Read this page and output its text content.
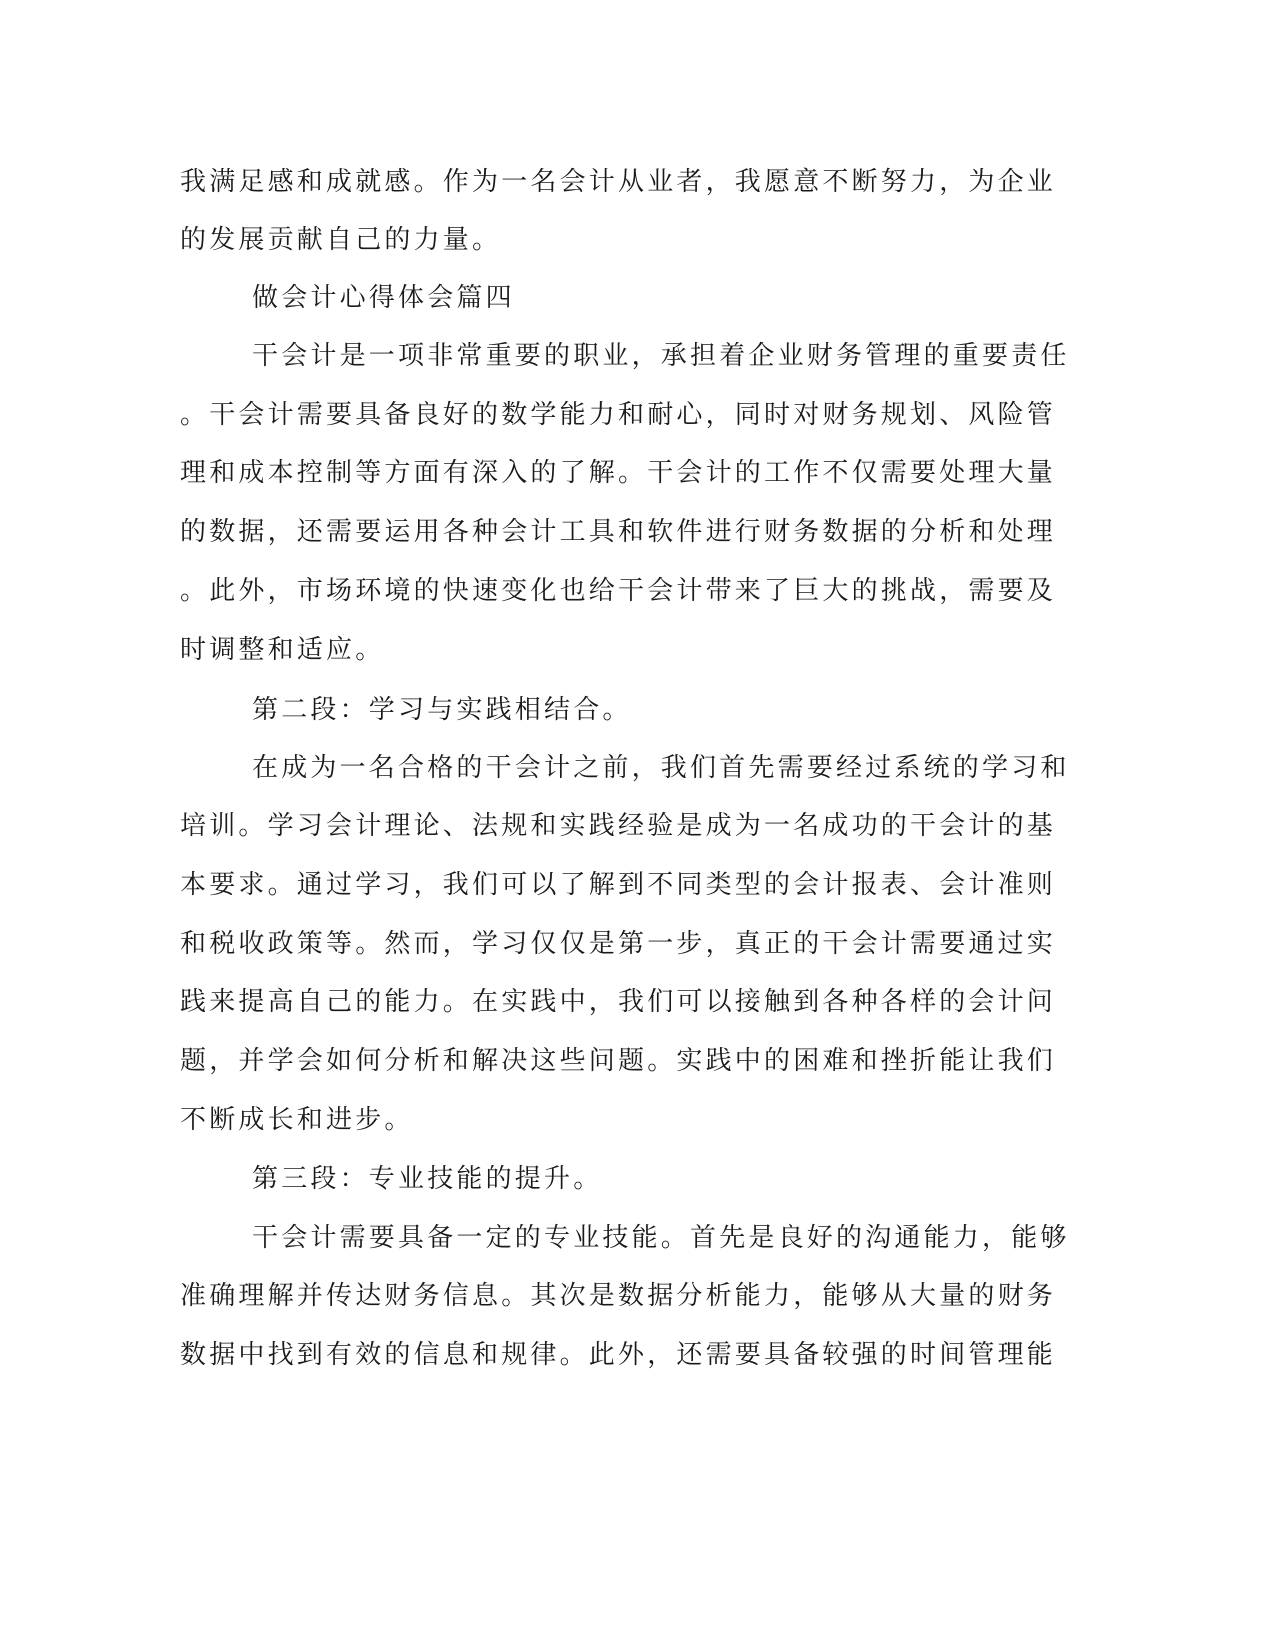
我满足感和成就感。作为一名会计从业者，我愿意不断努力，为企业
的发展贡献自己的力量。
做会计心得体会篇四
干会计是一项非常重要的职业，承担着企业财务管理的重要责任
。干会计需要具备良好的数学能力和耐心，同时对财务规划、风险管
理和成本控制等方面有深入的了解。干会计的工作不仅需要处理大量
的数据，还需要运用各种会计工具和软件进行财务数据的分析和处理
。此外，市场环境的快速变化也给干会计带来了巨大的挑战，需要及
时调整和适应。
第二段：学习与实践相结合。
在成为一名合格的干会计之前，我们首先需要经过系统的学习和
培训。学习会计理论、法规和实践经验是成为一名成功的干会计的基
本要求。通过学习，我们可以了解到不同类型的会计报表、会计准则
和税收政策等。然而，学习仅仅是第一步，真正的干会计需要通过实
践来提高自己的能力。在实践中，我们可以接触到各种各样的会计问
题，并学会如何分析和解决这些问题。实践中的困难和挫折能让我们
不断成长和进步。
第三段：专业技能的提升。
干会计需要具备一定的专业技能。首先是良好的沟通能力，能够
准确理解并传达财务信息。其次是数据分析能力，能够从大量的财务
数据中找到有效的信息和规律。此外，还需要具备较强的时间管理能
